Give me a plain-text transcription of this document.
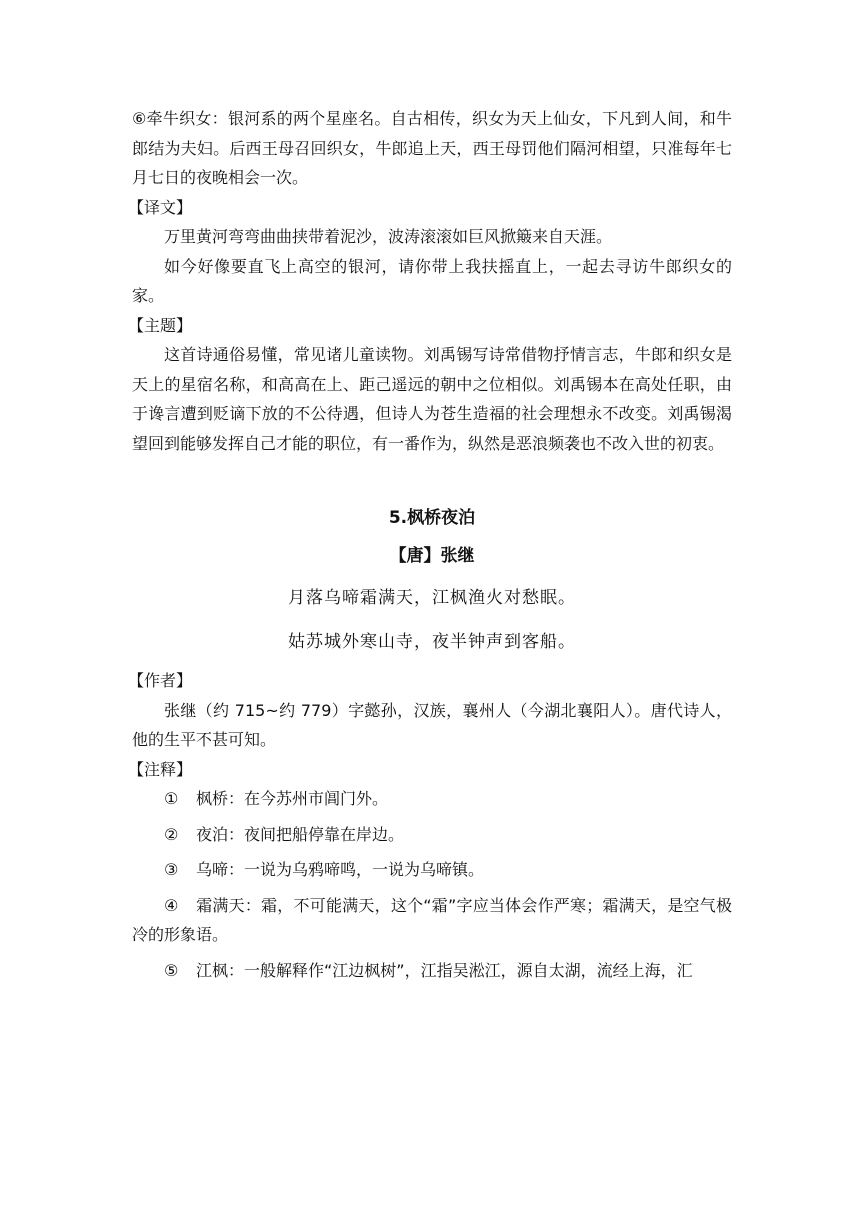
⑥牵牛织女：银河系的两个星座名。自古相传，织女为天上仙女，下凡到人间，和牛郎结为夫妇。后西王母召回织女，牛郎追上天，西王母罚他们隔河相望，只准每年七月七日的夜晚相会一次。

【译文】

万里黄河弯弯曲曲挟带着泥沙，波涛滚滚如巨风掀簸来自天涯。

如今好像要直飞上高空的银河，请你带上我扶摇直上，一起去寻访牛郎织女的家。

【主题】

这首诗通俗易懂，常见诸儿童读物。刘禹锡写诗常借物抒情言志，牛郎和织女是天上的星宿名称，和高高在上、距己遥远的朝中之位相似。刘禹锡本在高处任职，由于谗言遭到贬谪下放的不公待遇，但诗人为苍生造福的社会理想永不改变。刘禹锡渴望回到能够发挥自己才能的职位，有一番作为，纵然是恶浪频袭也不改入世的初衷。

5.枫桥夜泊

【唐】张继

月落乌啼霜满天，江枫渔火对愁眠。

姑苏城外寒山寺，夜半钟声到客船。

【作者】

张继（约 715~约 779）字懿孙，汉族，襄州人（今湖北襄阳人）。唐代诗人，他的生平不甚可知。

【注释】

① 枫桥：在今苏州市阊门外。

② 夜泊：夜间把船停靠在岸边。

③ 乌啼：一说为乌鸦啼鸣，一说为乌啼镇。

④ 霜满天：霜，不可能满天，这个“霜”字应当体会作严寒；霜满天，是空气极冷的形象语。

⑤ 江枫：一般解释作“江边枫树”，江指吴淞江，源自太湖，流经上海，汇
